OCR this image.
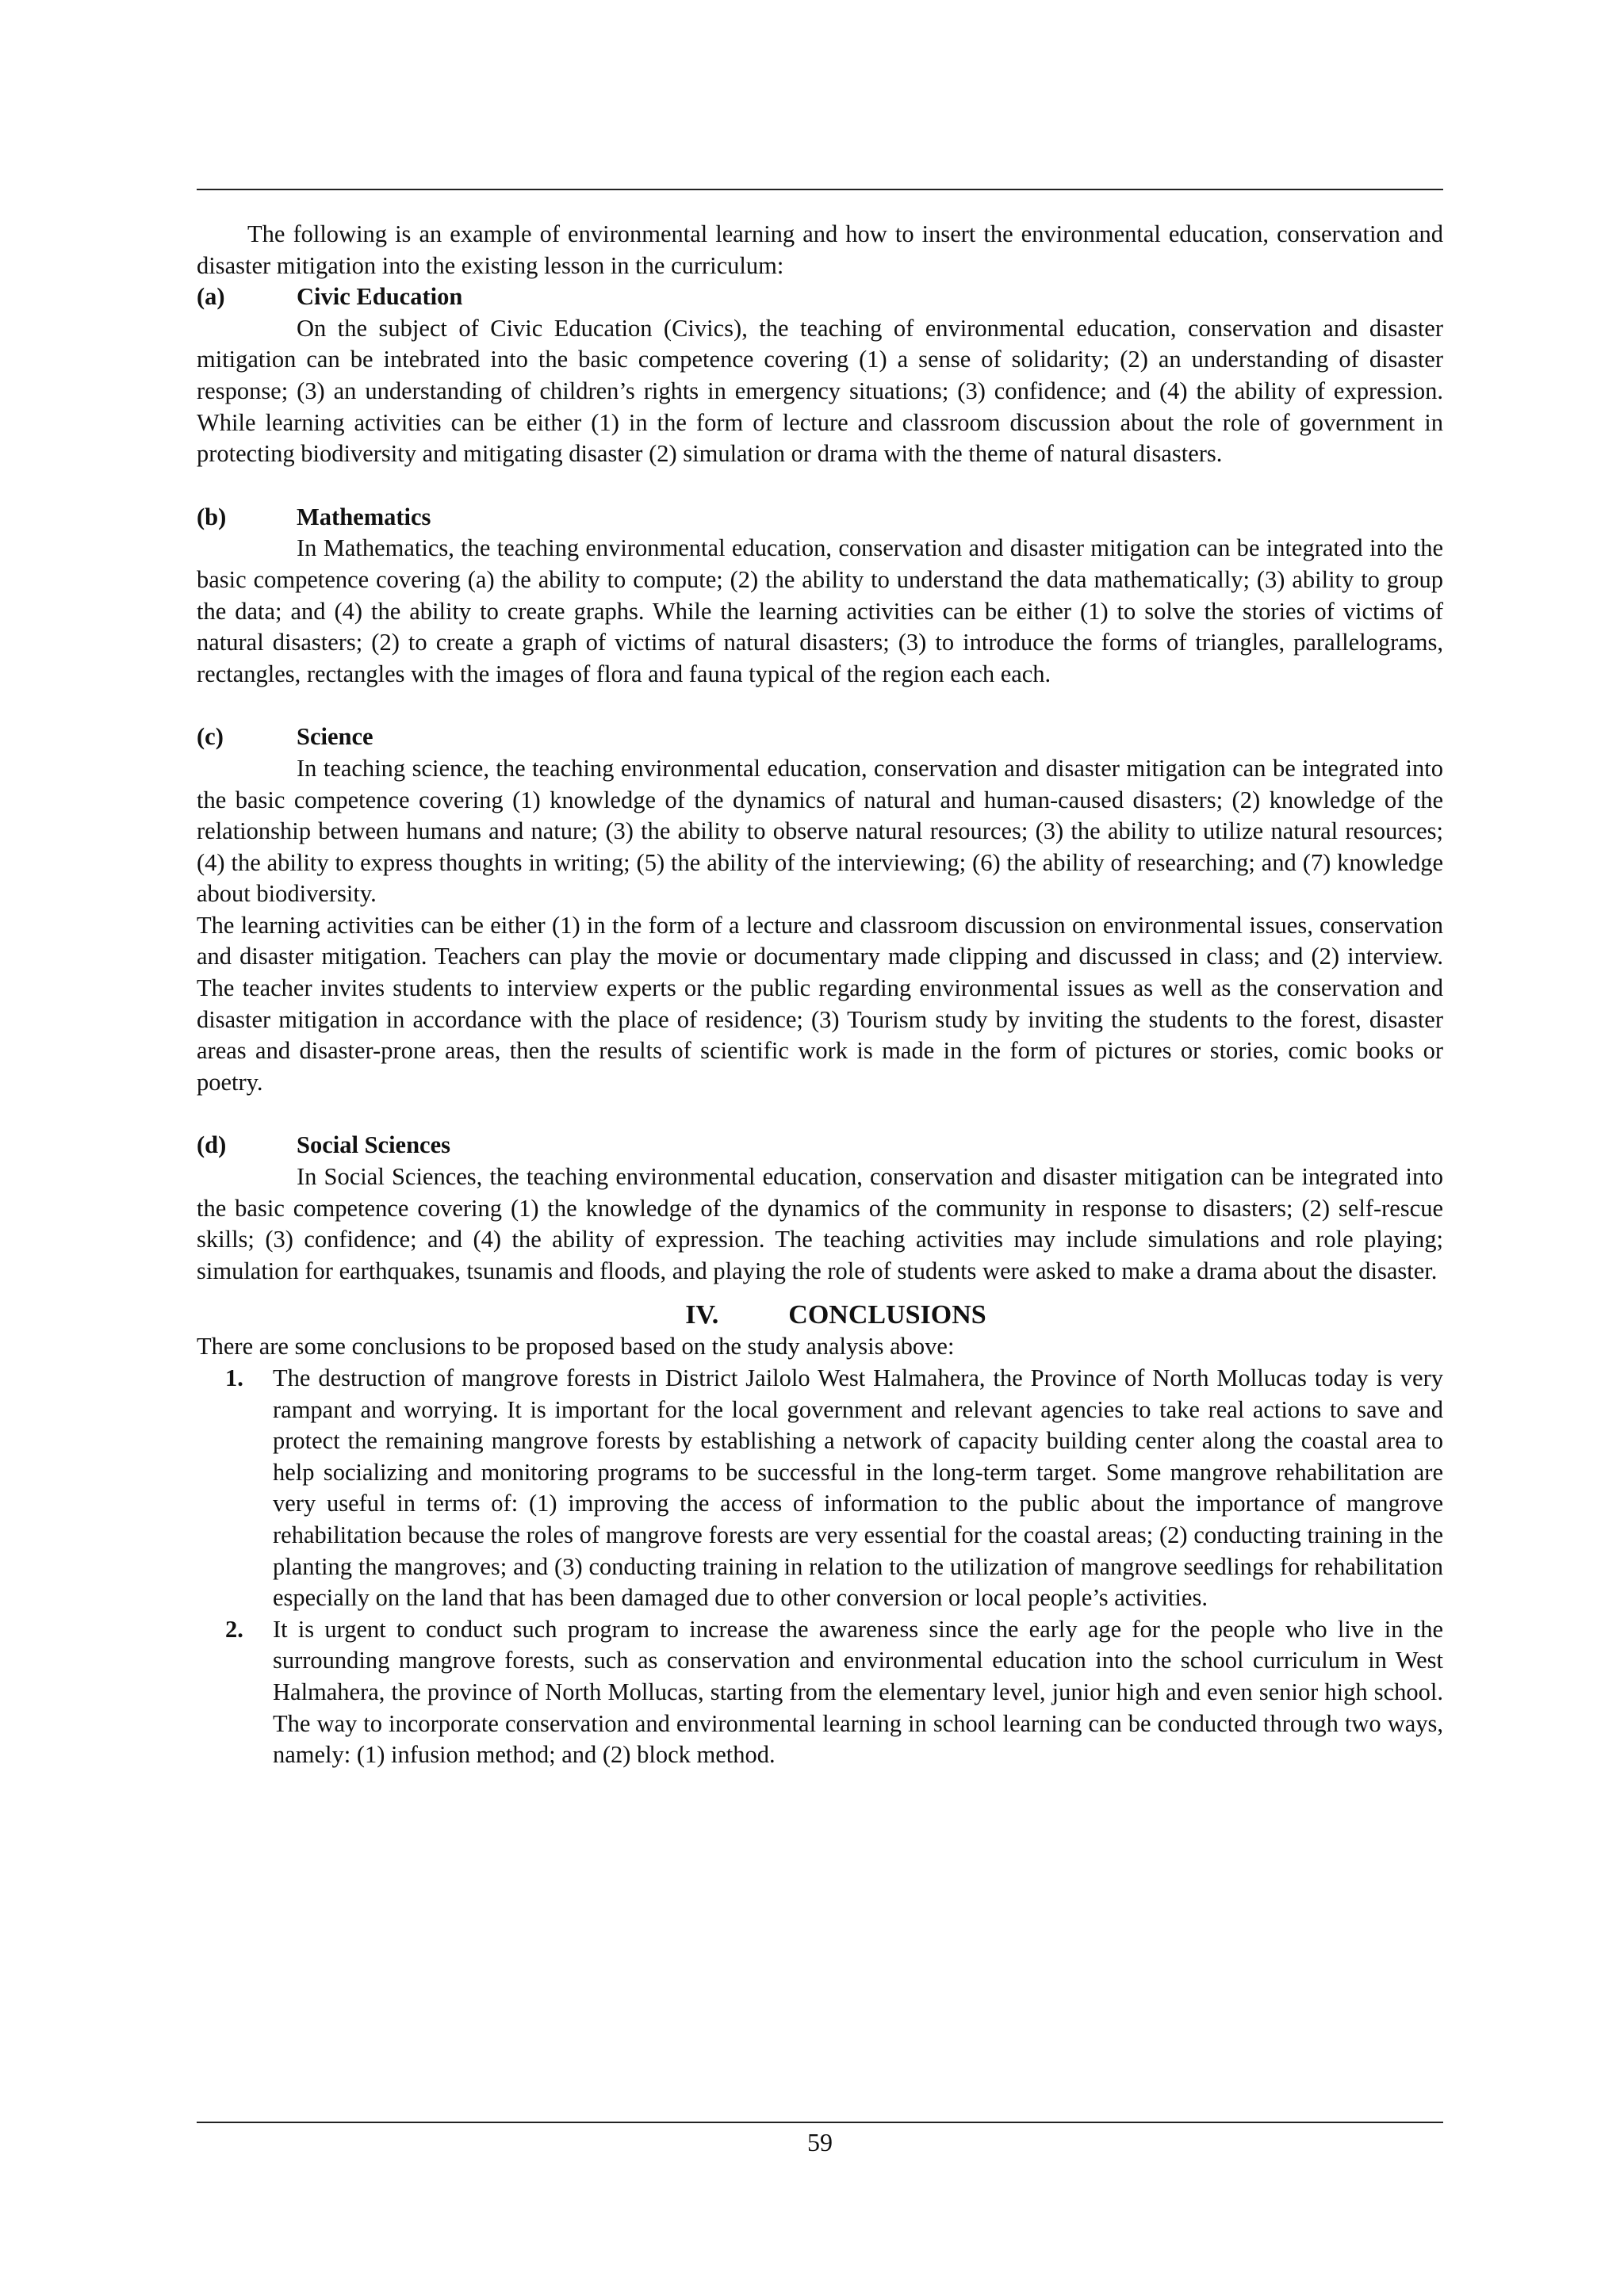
The following is an example of environmental learning and how to insert the environmental education, conservation and disaster mitigation into the existing lesson in the curriculum:

(a)	Civic Education

On the subject of Civic Education (Civics), the teaching of environmental education, conservation and disaster mitigation can be intebrated into the basic competence covering (1) a sense of solidarity; (2) an understanding of disaster response; (3) an understanding of children’s rights in emergency situations; (3) confidence; and (4) the ability of expression. While learning activities can be either (1) in the form of lecture and classroom discussion about the role of government in protecting biodiversity and mitigating disaster (2) simulation or drama with the theme of natural disasters.

(b)	Mathematics

In Mathematics, the teaching environmental education, conservation and disaster mitigation can be integrated into the basic competence covering (a) the ability to compute; (2) the ability to understand the data mathematically; (3) ability to group the data; and (4) the ability to create graphs. While the learning activities can be either (1) to solve the stories of victims of natural disasters; (2) to create a graph of victims of natural disasters; (3) to introduce the forms of triangles, parallelograms, rectangles, rectangles with the images of flora and fauna typical of the region each each.

(c)	Science

In teaching science, the teaching environmental education, conservation and disaster mitigation can be integrated into the basic competence covering (1) knowledge of the dynamics of natural and human-caused disasters; (2) knowledge of the relationship between humans and nature; (3) the ability to observe natural resources; (3) the ability to utilize natural resources; (4) the ability to express thoughts in writing; (5) the ability of the interviewing; (6) the ability of researching; and (7) knowledge about biodiversity.

The learning activities can be either (1) in the form of a lecture and classroom discussion on environmental issues, conservation and disaster mitigation. Teachers can play the movie or documentary made clipping and discussed in class; and (2) interview. The teacher invites students to interview experts or the public regarding environmental issues as well as the conservation and disaster mitigation in accordance with the place of residence; (3) Tourism study by inviting the students to the forest, disaster areas and disaster-prone areas, then the results of scientific work is made in the form of pictures or stories, comic books or poetry.

(d)	Social Sciences

In Social Sciences, the teaching environmental education, conservation and disaster mitigation can be integrated into the basic competence covering (1) the knowledge of the dynamics of the community in response to disasters; (2) self-rescue skills; (3) confidence; and (4) the ability of expression. The teaching activities may include simulations and role playing; simulation for earthquakes, tsunamis and floods, and playing the role of students were asked to make a drama about the disaster.

IV.	CONCLUSIONS

There are some conclusions to be proposed based on the study analysis above:

1. The destruction of mangrove forests in District Jailolo West Halmahera, the Province of North Mollucas today is very rampant and worrying. It is important for the local government and relevant agencies to take real actions to save and protect the remaining mangrove forests by establishing a network of capacity building center along the coastal area to help socializing and monitoring programs to be successful in the long-term target. Some mangrove rehabilitation are very useful in terms of: (1) improving the access of information to the public about the importance of mangrove rehabilitation because the roles of mangrove forests are very essential for the coastal areas; (2) conducting training in the planting the mangroves; and (3) conducting training in relation to the utilization of mangrove seedlings for rehabilitation especially on the land that has been damaged due to other conversion or local people’s activities.
2. It is urgent to conduct such program to increase the awareness since the early age for the people who live in the surrounding mangrove forests, such as conservation and environmental education into the school curriculum in West Halmahera, the province of North Mollucas, starting from the elementary level, junior high and even senior high school. The way to incorporate conservation and environmental learning in school learning can be conducted through two ways, namely: (1) infusion method; and (2) block method.
59
